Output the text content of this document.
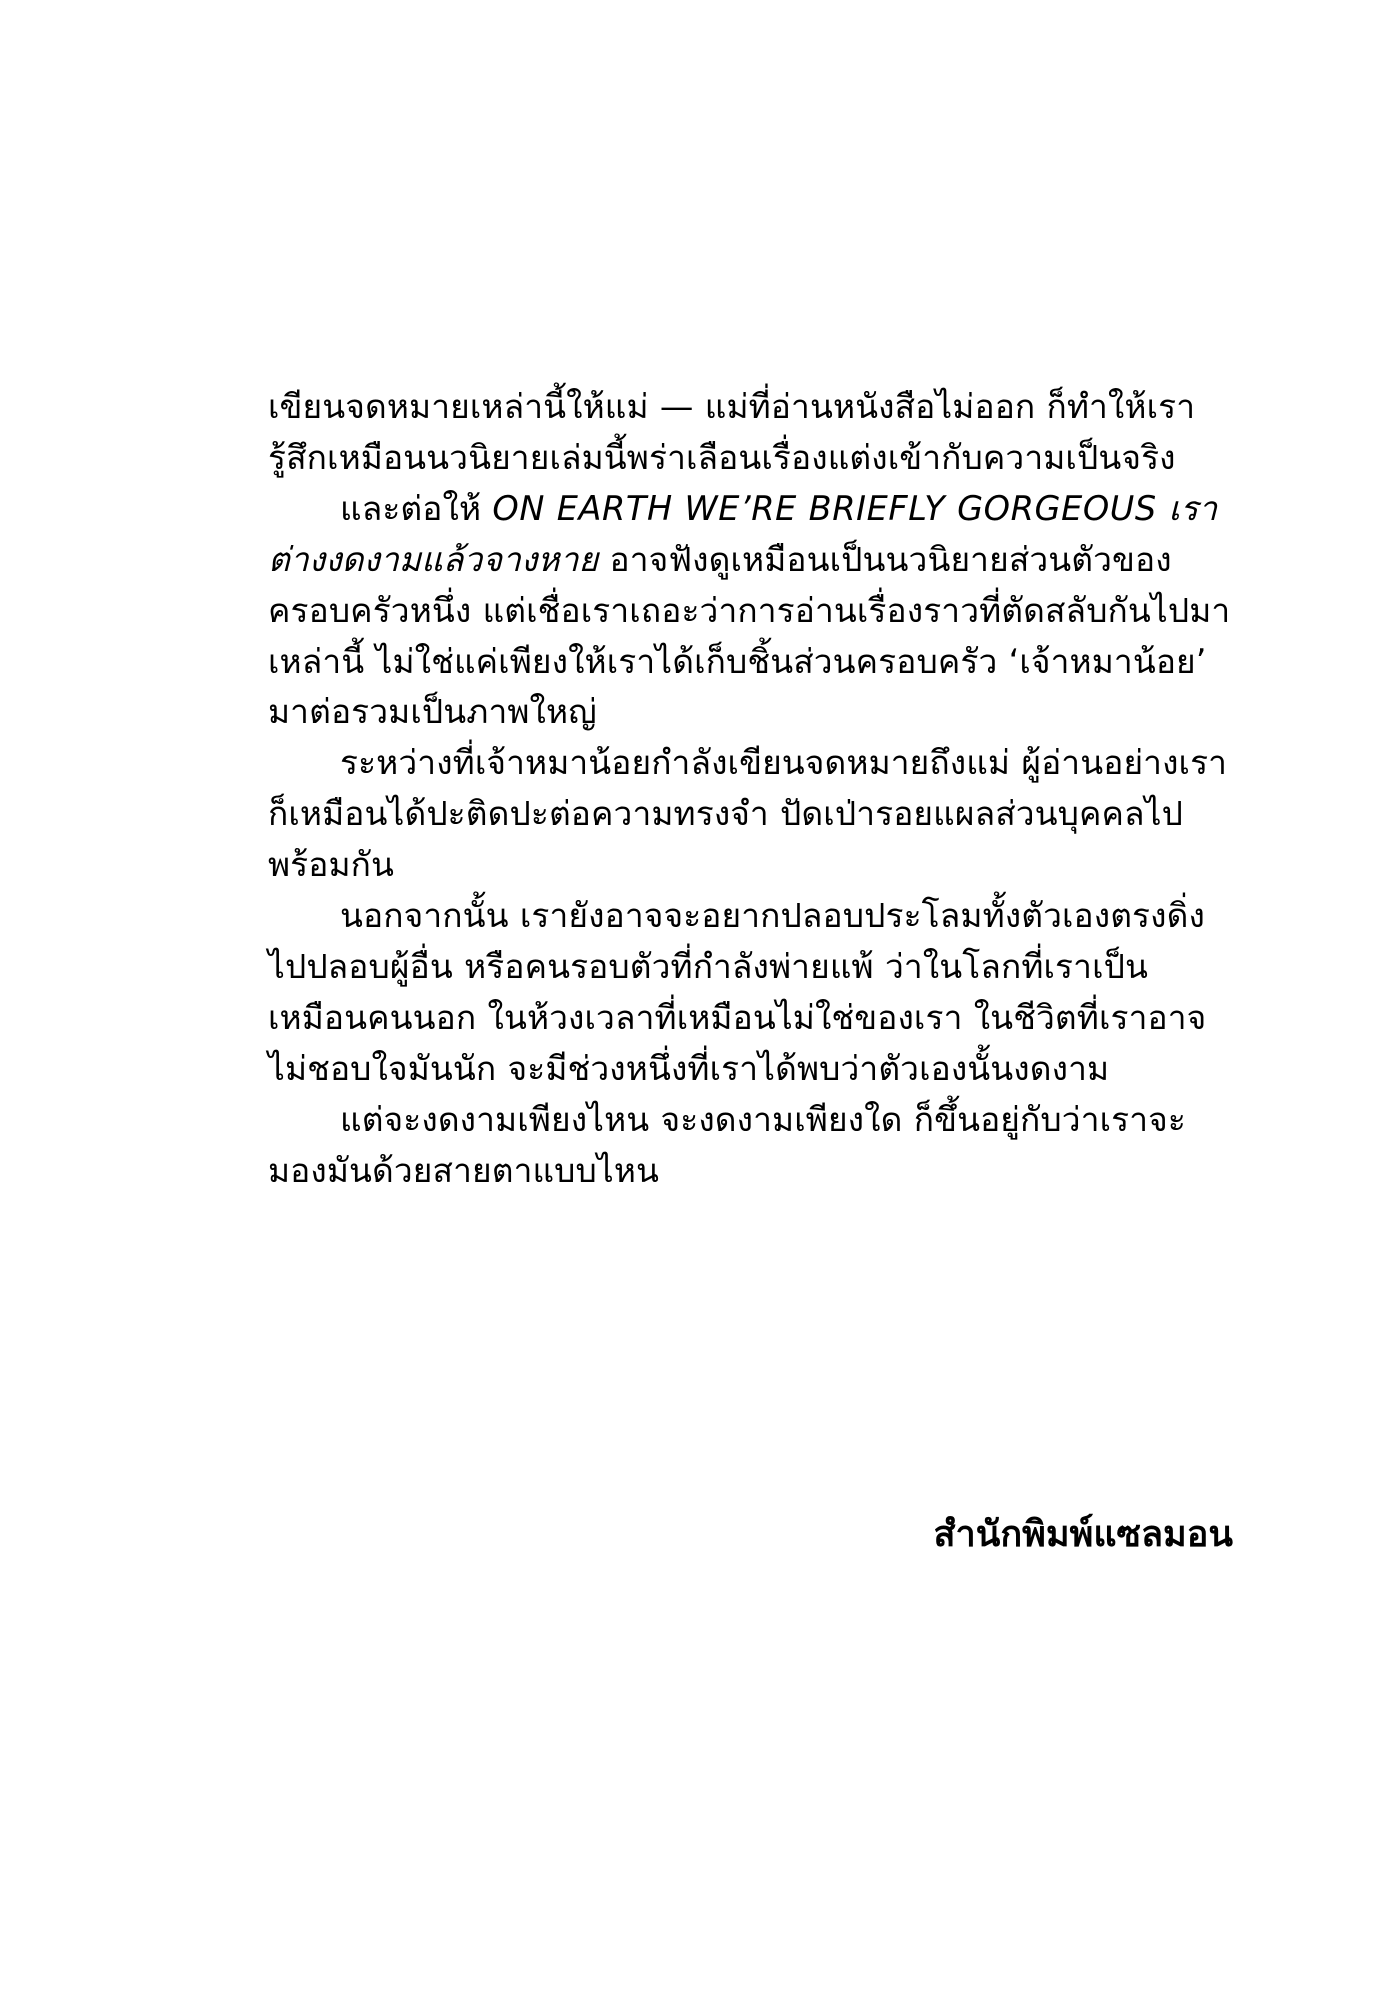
เขียนจดหมายเหล่านี้ให้แม่ — แม่ที่อ่านหนังสือไม่ออก ก็ทำให้เรารู้สึกเหมือนนวนิยายเล่มนี้พร่าเลือนเรื่องแต่งเข้ากับความเป็นจริง

และต่อให้ ON EARTH WE’RE BRIEFLY GORGEOUS เราต่างงดงามแล้วจางหาย อาจฟังดูเหมือนเป็นนวนิยายส่วนตัวของครอบครัวหนึ่ง แต่เชื่อเราเถอะว่าการอ่านเรื่องราวที่ตัดสลับกันไปมาเหล่านี้ ไม่ใช่แค่เพียงให้เราได้เก็บชิ้นส่วนครอบครัว ‘เจ้าหมาน้อย’ มาต่อรวมเป็นภาพใหญ่

ระหว่างที่เจ้าหมาน้อยกำลังเขียนจดหมายถึงแม่ ผู้อ่านอย่างเราก็เหมือนได้ปะติดปะต่อความทรงจำ ปัดเป่ารอยแผลส่วนบุคคลไปพร้อมกัน

นอกจากนั้น เรายังอาจจะอยากปลอบประโลมทั้งตัวเองตรงดิ่งไปปลอบผู้อื่น หรือคนรอบตัวที่กำลังพ่ายแพ้ ว่าในโลกที่เราเป็นเหมือนคนนอก ในห้วงเวลาที่เหมือนไม่ใช่ของเรา ในชีวิตที่เราอาจไม่ชอบใจมันนัก จะมีช่วงหนึ่งที่เราได้พบว่าตัวเองนั้นงดงาม

แต่จะงดงามเพียงไหน จะงดงามเพียงใด ก็ขึ้นอยู่กับว่าเราจะมองมันด้วยสายตาแบบไหน

สำนักพิมพ์แซลมอน
